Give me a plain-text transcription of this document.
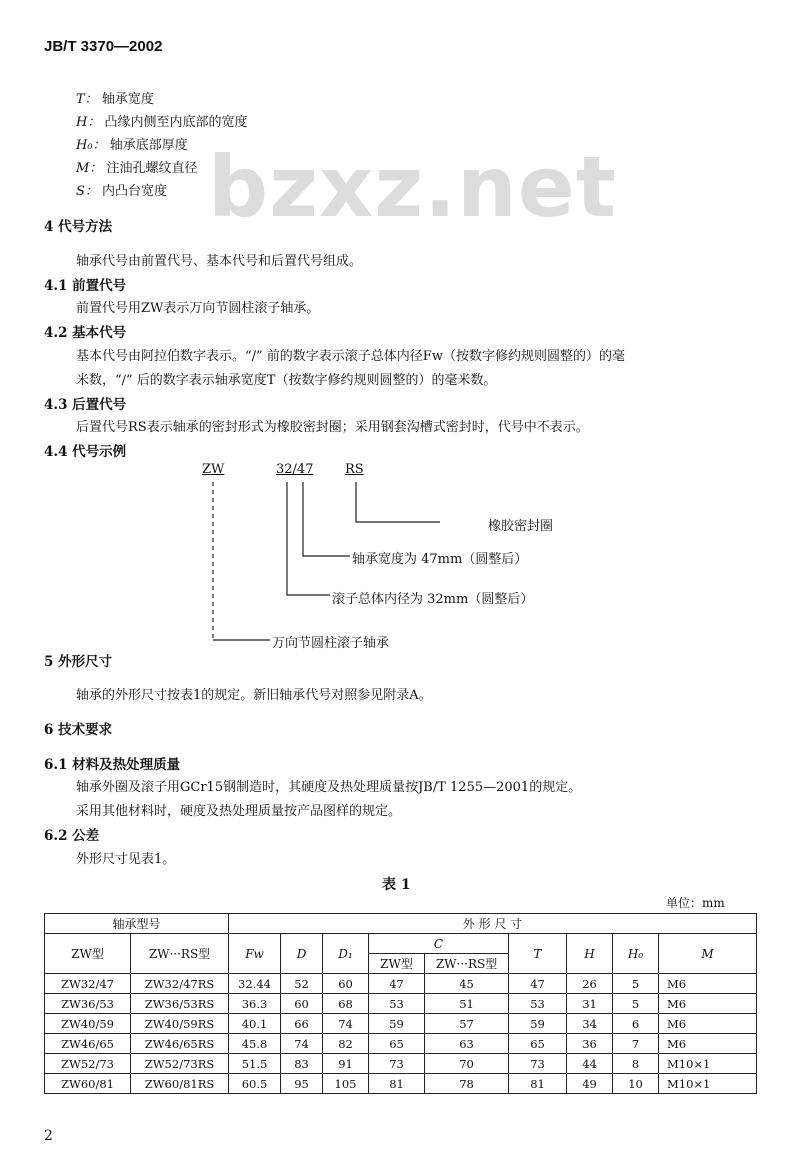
JB/T 3370—2002
bzxz.net
T： 轴承宽度
H： 凸缘内侧至内底部的宽度
H₀： 轴承底部厚度
M： 注油孔螺纹直径
S： 内凸台宽度
4 代号方法
轴承代号由前置代号、基本代号和后置代号组成。
4.1 前置代号
前置代号用ZW表示万向节圆柱滚子轴承。
4.2 基本代号
基本代号由阿拉伯数字表示。“/” 前的数字表示滚子总体内径Fw（按数字修约规则圆整的）的毫
米数，“/” 后的数字表示轴承宽度T（按数字修约规则圆整的）的毫米数。
4.3 后置代号
后置代号RS表示轴承的密封形式为橡胶密封圈；采用钢套沟槽式密封时，代号中不表示。
4.4 代号示例
ZW	32/47 RS
橡胶密封圈
轴承宽度为 47mm（圆整后）
滚子总体内径为 32mm（圆整后）
万向节圆柱滚子轴承
5 外形尺寸
轴承的外形尺寸按表1的规定。新旧轴承代号对照参见附录A。
6 技术要求
6.1 材料及热处理质量
轴承外圈及滚子用GCr15钢制造时，其硬度及热处理质量按JB/T 1255—2001的规定。
采用其他材料时，硬度及热处理质量按产品图样的规定。
6.2 公差
外形尺寸见表1。
表 1
单位：mm
轴承型号		外 形 尺 寸								
ZW型	ZW···RS型	Fw	D	D₁	C		T	H	H₀	M
					ZW型	ZW···RS型				
ZW32/47	ZW32/47RS	32.44	52	60	47	45	47	26	5	M6
ZW36/53	ZW36/53RS	36.3	60	68	53	51	53	31	5	M6
ZW40/59	ZW40/59RS	40.1	66	74	59	57	59	34	6	M6
ZW46/65	ZW46/65RS	45.8	74	82	65	63	65	36	7	M6
ZW52/73	ZW52/73RS	51.5	83	91	73	70	73	44	8	M10×1
ZW60/81	ZW60/81RS	60.5	95	105	81	78	81	49	10	M10×1
2
